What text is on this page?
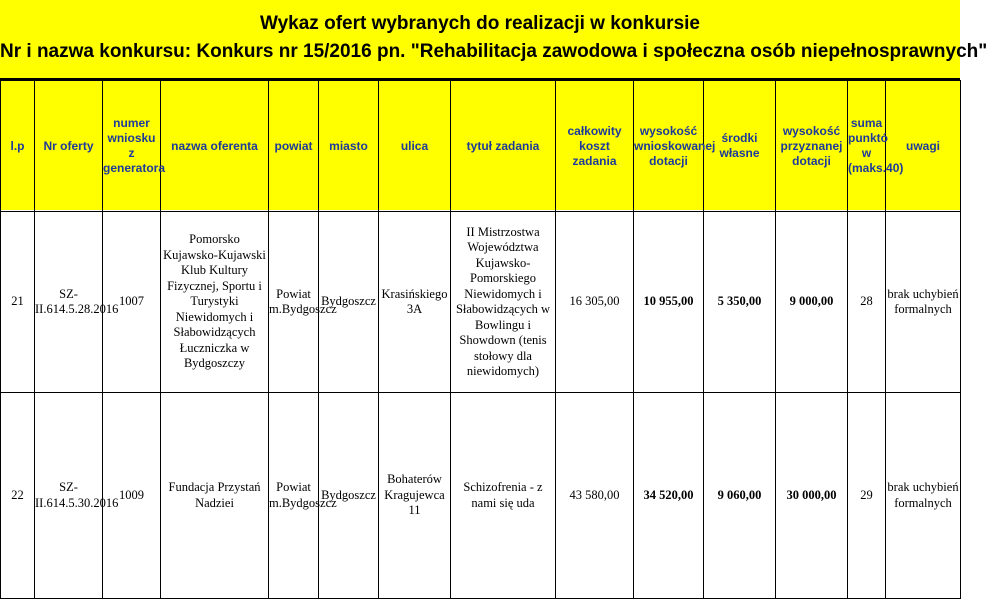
Wykaz ofert wybranych do realizacji w konkursie
Nr i nazwa konkursu: Konkurs nr 15/2016 pn. "Rehabilitacja zawodowa i społeczna osób niepełnosprawnych"
l.p	Nr oferty	numer wniosku z generatora	nazwa oferenta	powiat	miasto	ulica	tytuł zadania	całkowity koszt zadania	wysokość wnioskowanej dotacji	środki własne	wysokość przyznanej dotacji	suma punktó w (maks.40)	uwagi
21	SZ-II.614.5.28.2016	1007	Pomorsko Kujawsko-Kujawski Klub Kultury Fizycznej, Sportu i Turystyki Niewidomych i Słabowidzących Łuczniczka w Bydgoszczy	Powiat m.Bydgoszcz	Bydgoszcz	Krasińskiego 3A	II Mistrzostwa Województwa Kujawsko-Pomorskiego Niewidomych i Słabowidzących w Bowlingu i Showdown (tenis stołowy dla niewidomych)	16 305,00	10 955,00	5 350,00	9 000,00	28	brak uchybień formalnych
22	SZ-II.614.5.30.2016	1009	Fundacja Przystań Nadziei	Powiat m.Bydgoszcz	Bydgoszcz	Bohaterów Kragujewca 11	Schizofrenia - z nami się uda	43 580,00	34 520,00	9 060,00	30 000,00	29	brak uchybień formalnych
